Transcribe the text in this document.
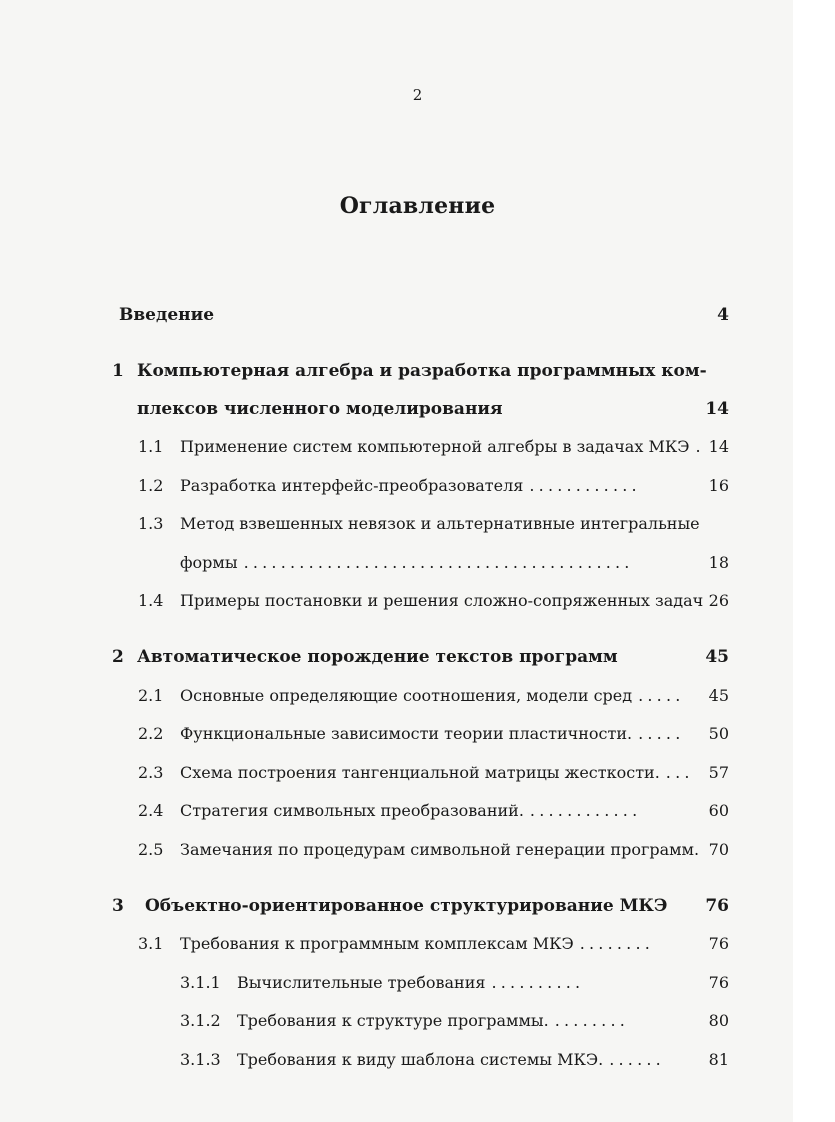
2
Оглавление
Введение	4
1 Компьютерная алгебра и разработка программных ком-
плексов численного моделирования	14
1.1 Применение систем компьютерной алгебры в задачах МКЭ . 14
1.2 Разработка интерфейс-преобразователя ............	16
1.3 Метод взвешенных невязок и альтернативные интегральные
формы ..........................................	18
1.4 Примеры постановки и решения сложно-сопряженных задач 26
2 Автоматическое порождение текстов программ	45
2.1 Основные определяющие соотношения, модели сред ..... 45
2.2 Функциональные зависимости теории пластичности. ..... 50
2.3 Схема построения тангенциальной матрицы жесткости. ... 57
2.4 Стратегия символьных преобразований. ............	60
2.5 Замечания по процедурам символьной генерации программ. 70
3 Объектно-ориентированное структурирование МКЭ 76
3.1 Требования к программным комплексам МКЭ ........	76
3.1.1 Вычислительные требования ..........	76
3.1.2 Требования к структуре программы. ........	80
3.1.3 Требования к виду шаблона системы МКЭ. ......	81
